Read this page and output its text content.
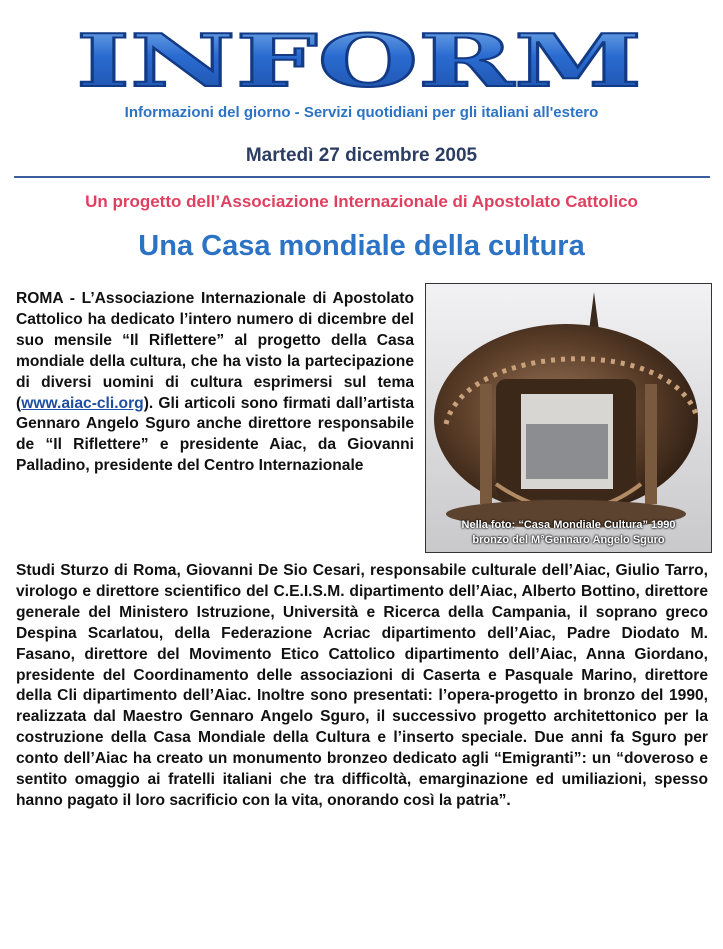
INFORM
Informazioni del giorno - Servizi quotidiani per gli italiani all'estero
Martedì 27 dicembre 2005
Un progetto dell’Associazione Internazionale di Apostolato Cattolico
Una Casa mondiale della cultura
Nella foto: “Casa Mondiale Cultura” 1990
bronzo del M°Gennaro Angelo Sguro
ROMA - L’Associazione Internazionale di Apostolato Cattolico ha dedicato l’intero numero di dicembre del suo mensile “Il Riflettere” al progetto della Casa mondiale della cultura, che ha visto la partecipazione di diversi uomini di cultura esprimersi sul tema (www.aiac-cli.org). Gli articoli sono firmati dall’artista Gennaro Angelo Sguro anche direttore responsabile de “Il Riflettere” e presidente Aiac, da Giovanni Palladino, presidente del Centro Internazionale
Studi Sturzo di Roma, Giovanni De Sio Cesari, responsabile culturale dell’Aiac, Giulio Tarro, virologo e direttore scientifico del C.E.I.S.M. dipartimento dell’Aiac, Alberto Bottino, direttore generale del Ministero Istruzione, Università e Ricerca della Campania, il soprano greco Despina Scarlatou, della Federazione Acriac dipartimento dell’Aiac, Padre Diodato M. Fasano, direttore del Movimento Etico Cattolico dipartimento dell’Aiac, Anna Giordano, presidente del Coordinamento delle associazioni di Caserta e Pasquale Marino, direttore della Cli dipartimento dell’Aiac. Inoltre sono presentati: l’opera-progetto in bronzo del 1990, realizzata dal Maestro Gennaro Angelo Sguro, il successivo progetto architettonico per la costruzione della Casa Mondiale della Cultura e l’inserto speciale. Due anni fa Sguro per conto dell’Aiac ha creato un monumento bronzeo dedicato agli “Emigranti”: un “doveroso e sentito omaggio ai fratelli italiani che tra difficoltà, emarginazione ed umiliazioni, spesso hanno pagato il loro sacrificio con la vita, onorando così la patria”.
